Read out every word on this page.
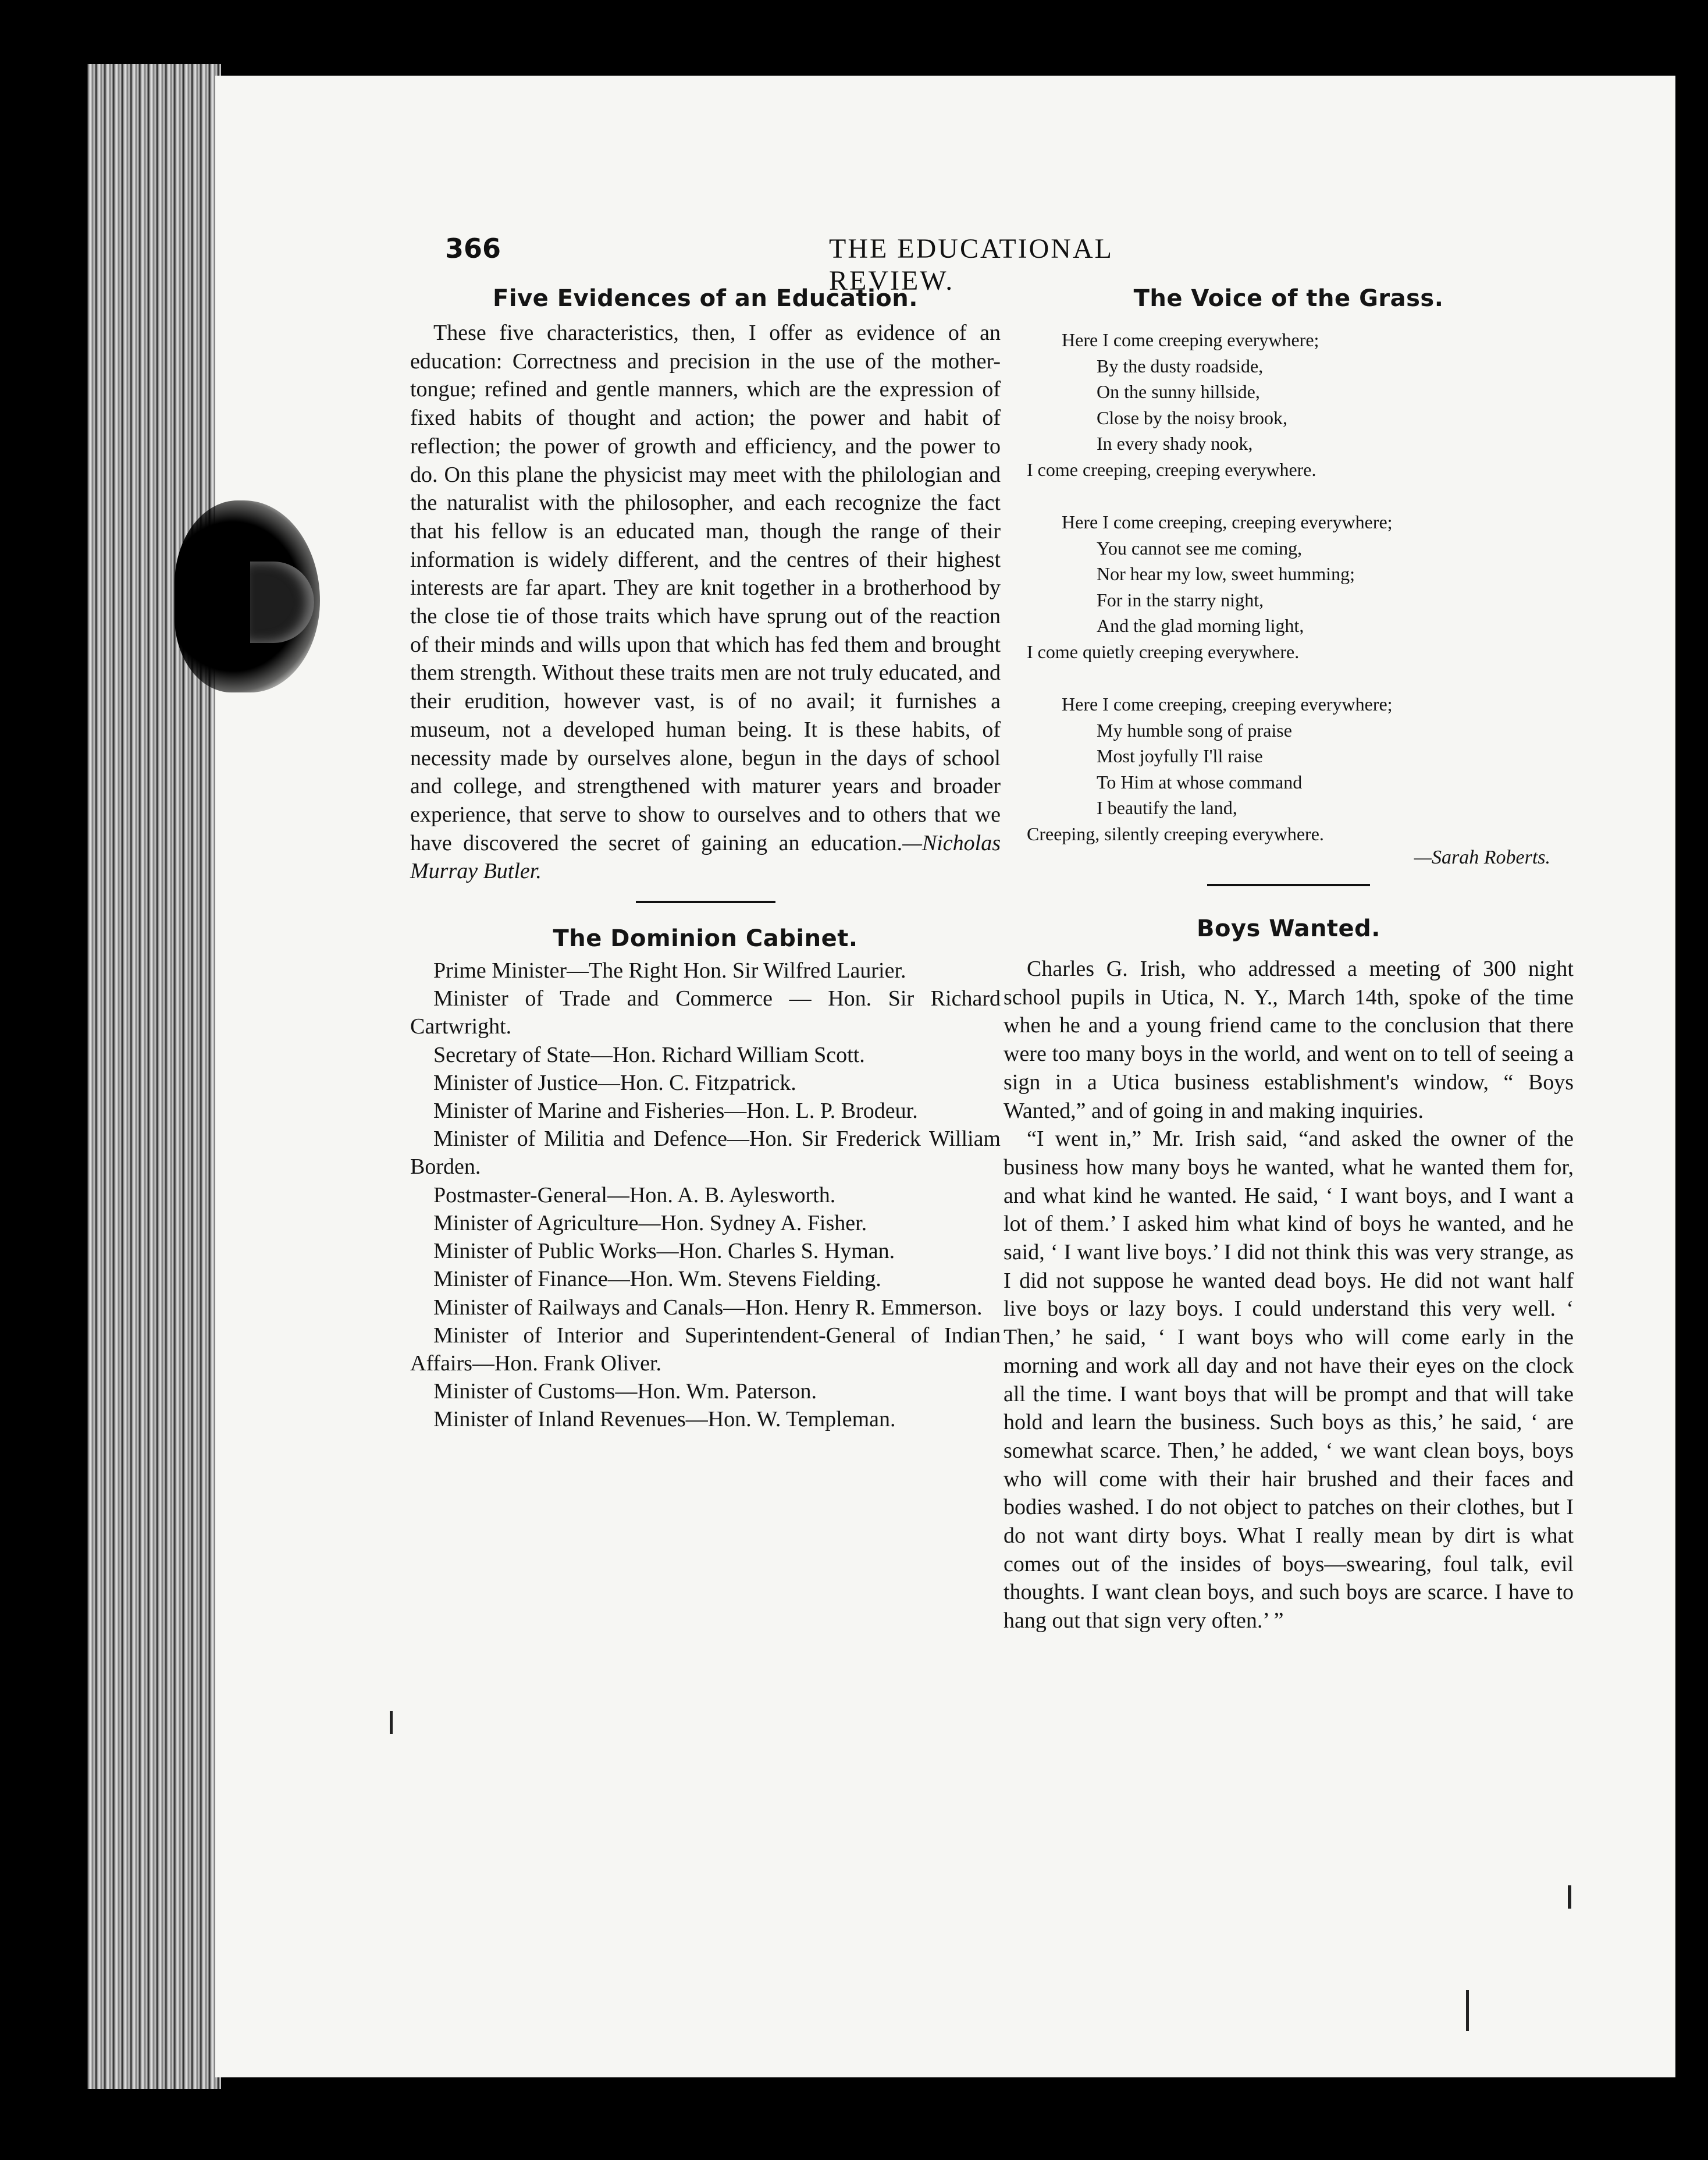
366	THE EDUCATIONAL REVIEW.
Five Evidences of an Education.

These five characteristics, then, I offer as evidence of an education: Correctness and precision in the use of the mother-tongue; refined and gentle manners, which are the expression of fixed habits of thought and action; the power and habit of reflection; the power of growth and efficiency, and the power to do. On this plane the physicist may meet with the philologian and the naturalist with the philosopher, and each recognize the fact that his fellow is an educated man, though the range of their information is widely different, and the centres of their highest interests are far apart. They are knit together in a brotherhood by the close tie of those traits which have sprung out of the reaction of their minds and wills upon that which has fed them and brought them strength. Without these traits men are not truly educated, and their erudition, however vast, is of no avail; it furnishes a museum, not a developed human being. It is these habits, of necessity made by ourselves alone, begun in the days of school and college, and strengthened with maturer years and broader experience, that serve to show to ourselves and to others that we have discovered the secret of gaining an education.—Nicholas Murray Butler.

The Dominion Cabinet.
Prime Minister—The Right Hon. Sir Wilfred Laurier.
Minister of Trade and Commerce — Hon. Sir Richard Cartwright.
Secretary of State—Hon. Richard William Scott.
Minister of Justice—Hon. C. Fitzpatrick.
Minister of Marine and Fisheries—Hon. L. P. Brodeur.
Minister of Militia and Defence—Hon. Sir Frederick William Borden.
Postmaster-General—Hon. A. B. Aylesworth.
Minister of Agriculture—Hon. Sydney A. Fisher.
Minister of Public Works—Hon. Charles S. Hyman.
Minister of Finance—Hon. Wm. Stevens Fielding.
Minister of Railways and Canals—Hon. Henry R. Emmerson.
Minister of Interior and Superintendent-General of Indian Affairs—Hon. Frank Oliver.
Minister of Customs—Hon. Wm. Paterson.
Minister of Inland Revenues—Hon. W. Templeman.
The Voice of the Grass.
Here I come creeping everywhere;
By the dusty roadside,
On the sunny hillside,
Close by the noisy brook,
In every shady nook,
I come creeping, creeping everywhere.
Here I come creeping, creeping everywhere;
You cannot see me coming,
Nor hear my low, sweet humming;
For in the starry night,
And the glad morning light,
I come quietly creeping everywhere.
Here I come creeping, creeping everywhere;
My humble song of praise
Most joyfully I'll raise
To Him at whose command
I beautify the land,
Creeping, silently creeping everywhere.
—Sarah Roberts.
Boys Wanted.

Charles G. Irish, who addressed a meeting of 300 night school pupils in Utica, N. Y., March 14th, spoke of the time when he and a young friend came to the conclusion that there were too many boys in the world, and went on to tell of seeing a sign in a Utica business establishment's window, “ Boys Wanted,” and of going in and making inquiries.

“I went in,” Mr. Irish said, “and asked the owner of the business how many boys he wanted, what he wanted them for, and what kind he wanted. He said, ‘ I want boys, and I want a lot of them.’ I asked him what kind of boys he wanted, and he said, ‘ I want live boys.’ I did not think this was very strange, as I did not suppose he wanted dead boys. He did not want half live boys or lazy boys. I could understand this very well. ‘ Then,’ he said, ‘ I want boys who will come early in the morning and work all day and not have their eyes on the clock all the time. I want boys that will be prompt and that will take hold and learn the business. Such boys as this,’ he said, ‘ are somewhat scarce. Then,’ he added, ‘ we want clean boys, boys who will come with their hair brushed and their faces and bodies washed. I do not object to patches on their clothes, but I do not want dirty boys. What I really mean by dirt is what comes out of the insides of boys—swearing, foul talk, evil thoughts. I want clean boys, and such boys are scarce. I have to hang out that sign very often.’ ”
